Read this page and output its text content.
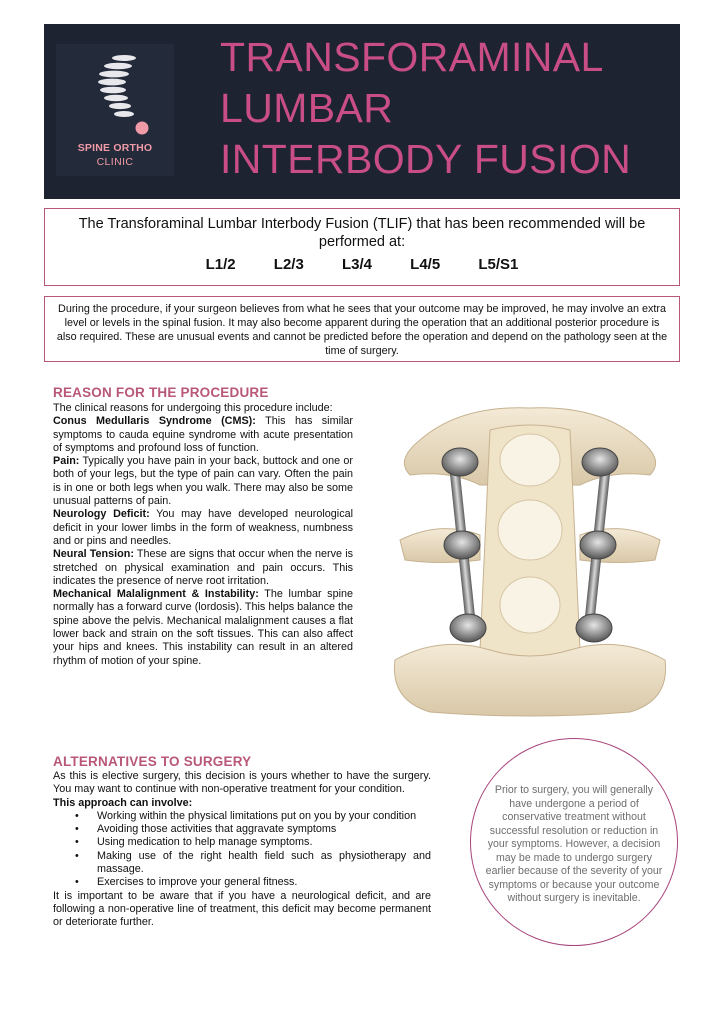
SPINE ORTHO
CLINIC
TRANSFORAMINAL
LUMBAR
INTERBODY FUSION
The Transforaminal Lumbar Interbody Fusion (TLIF) that has been recommended will be performed at:
L1/2	L2/3	L3/4	L4/5	L5/S1
During the procedure, if your surgeon believes from what he sees that your outcome may be improved, he may involve an extra level or levels in the spinal fusion. It may also become apparent during the operation that an additional posterior procedure is also required. These are unusual events and cannot be predicted before the operation and depend on the pathology seen at the time of surgery.
REASON FOR THE PROCEDURE
The clinical reasons for undergoing this procedure include:
Conus Medullaris Syndrome (CMS): This has similar symptoms to cauda equine syndrome with acute presentation of symptoms and profound loss of function.
Pain: Typically you have pain in your back, buttock and one or both of your legs, but the type of pain can vary. Often the pain is in one or both legs when you walk. There may also be some unusual patterns of pain.
Neurology Deficit: You may have developed neurological deficit in your lower limbs in the form of weakness, numbness and or pins and needles.
Neural Tension: These are signs that occur when the nerve is stretched on physical examination and pain occurs. This indicates the presence of nerve root irritation.
Mechanical Malalignment & Instability: The lumbar spine normally has a forward curve (lordosis). This helps balance the spine above the pelvis. Mechanical malalignment causes a flat lower back and strain on the soft tissues. This can also affect your hips and knees. This instability can result in an altered rhythm of motion of your spine.
ALTERNATIVES TO SURGERY
As this is elective surgery, this decision is yours whether to have the surgery. You may want to continue with non-operative treatment for your condition.
This approach can involve:
• Working within the physical limitations put on you by your condition
• Avoiding those activities that aggravate symptoms
• Using medication to help manage symptoms.
• Making use of the right health field such as physiotherapy and massage.
• Exercises to improve your general fitness.
It is important to be aware that if you have a neurological deficit, and are following a non-operative line of treatment, this deficit may become permanent or deteriorate further.
Prior to surgery, you will generally have undergone a period of conservative treatment without successful resolution or reduction in your symptoms. However, a decision may be made to undergo surgery earlier because of the severity of your symptoms or because your outcome without surgery is inevitable.
